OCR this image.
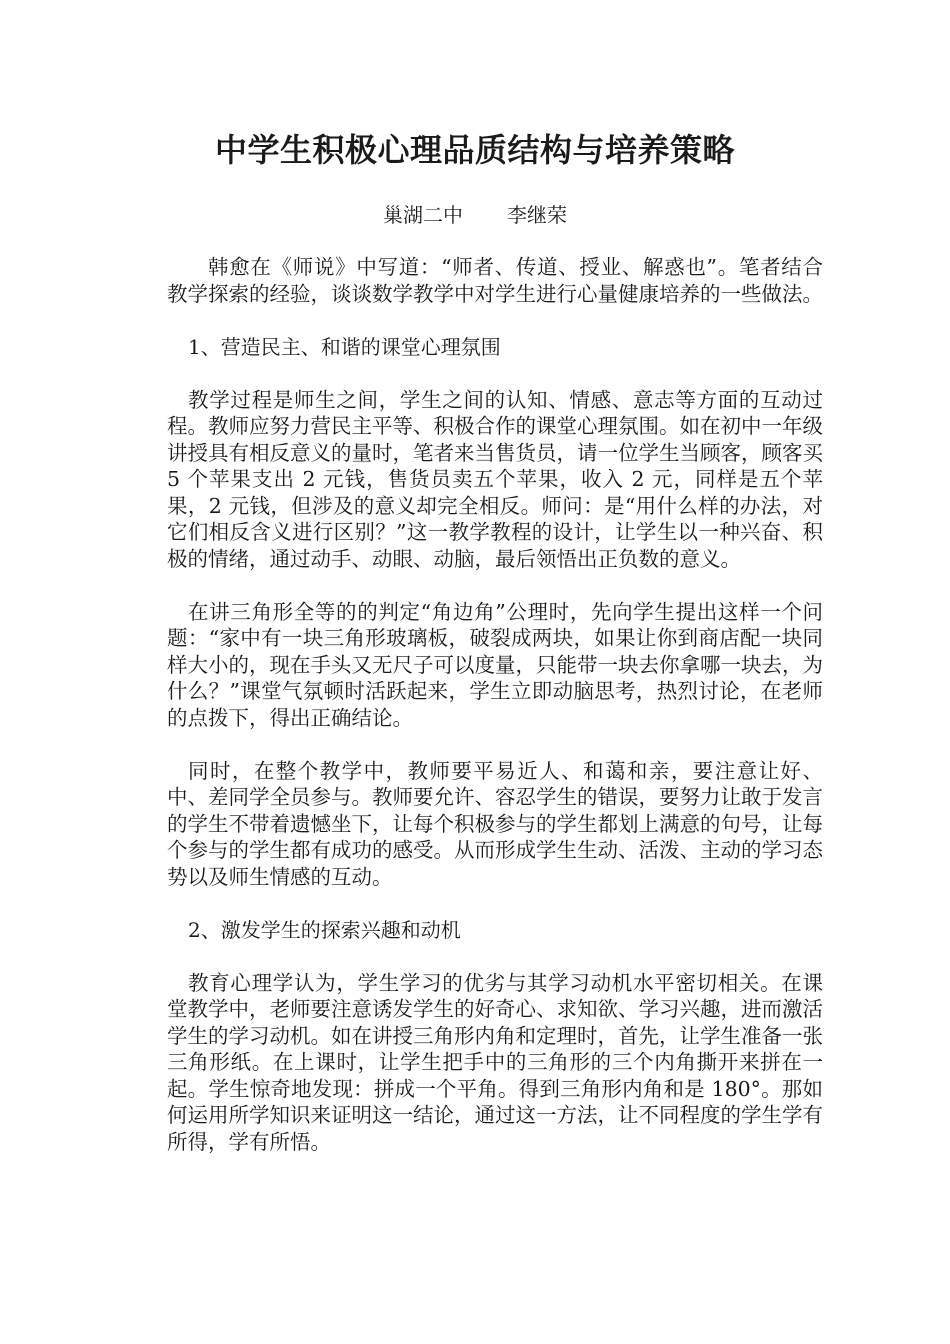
中学生积极心理品质结构与培养策略
巢湖二中 李继荣

韩愈在《师说》中写道：“师者、传道、授业、解惑也”。笔者结合教学探索的经验，谈谈数学教学中对学生进行心量健康培养的一些做法。

1、营造民主、和谐的课堂心理氛围

教学过程是师生之间，学生之间的认知、情感、意志等方面的互动过程。教师应努力营民主平等、积极合作的课堂心理氛围。如在初中一年级讲授具有相反意义的量时，笔者来当售货员，请一位学生当顾客，顾客买 5 个苹果支出 2 元钱，售货员卖五个苹果，收入 2 元，同样是五个苹果，2 元钱，但涉及的意义却完全相反。师问：是“用什么样的办法，对它们相反含义进行区别？”这一教学教程的设计，让学生以一种兴奋、积极的情绪，通过动手、动眼、动脑，最后领悟出正负数的意义。

在讲三角形全等的的判定“角边角”公理时，先向学生提出这样一个问题：“家中有一块三角形玻璃板，破裂成两块，如果让你到商店配一块同样大小的，现在手头又无尺子可以度量，只能带一块去你拿哪一块去，为什么？”课堂气氛顿时活跃起来，学生立即动脑思考，热烈讨论，在老师的点拨下，得出正确结论。

同时，在整个教学中，教师要平易近人、和蔼和亲，要注意让好、中、差同学全员参与。教师要允许、容忍学生的错误，要努力让敢于发言的学生不带着遗憾坐下，让每个积极参与的学生都划上满意的句号，让每个参与的学生都有成功的感受。从而形成学生生动、活泼、主动的学习态势以及师生情感的互动。

2、激发学生的探索兴趣和动机

教育心理学认为，学生学习的优劣与其学习动机水平密切相关。在课堂教学中，老师要注意诱发学生的好奇心、求知欲、学习兴趣，进而激活学生的学习动机。如在讲授三角形内角和定理时，首先，让学生准备一张三角形纸。在上课时，让学生把手中的三角形的三个内角撕开来拼在一起。学生惊奇地发现：拼成一个平角。得到三角形内角和是 180°。那如何运用所学知识来证明这一结论，通过这一方法，让不同程度的学生学有所得，学有所悟。
